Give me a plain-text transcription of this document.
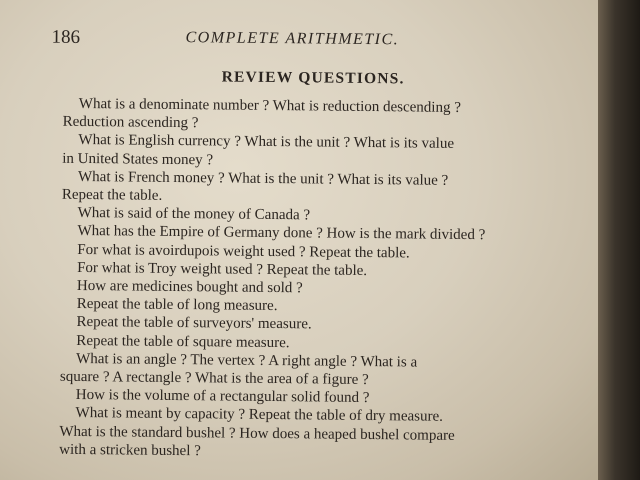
186	COMPLETE ARITHMETIC.
REVIEW QUESTIONS.
What is a denominate number ? What is reduction descending ?
Reduction ascending ?
What is English currency ? What is the unit ? What is its value
in United States money ?
What is French money ? What is the unit ? What is its value ?
Repeat the table.
What is said of the money of Canada ?
What has the Empire of Germany done ? How is the mark divided ?
For what is avoirdupois weight used ? Repeat the table.
For what is Troy weight used ? Repeat the table.
How are medicines bought and sold ?
Repeat the table of long measure.
Repeat the table of surveyors' measure.
Repeat the table of square measure.
What is an angle ? The vertex ? A right angle ? What is a
square ? A rectangle ? What is the area of a figure ?
How is the volume of a rectangular solid found ?
What is meant by capacity ? Repeat the table of dry measure.
What is the standard bushel ? How does a heaped bushel compare
with a stricken bushel ?
